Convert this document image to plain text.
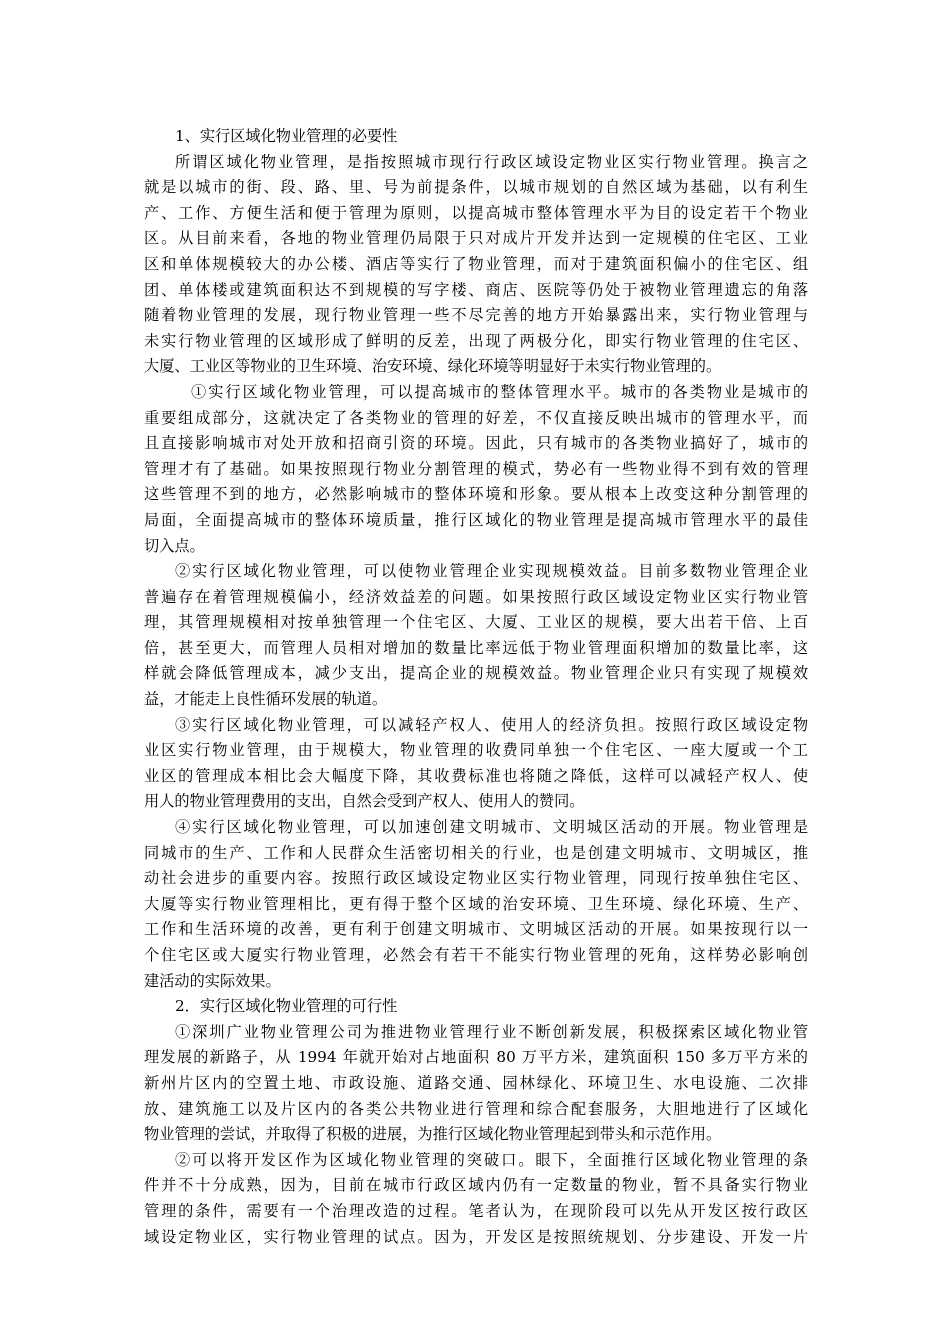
1、实行区域化物业管理的必要性
所谓区域化物业管理，是指按照城市现行行政区域设定物业区实行物业管理。换言之
就是以城市的街、段、路、里、号为前提条件，以城市规划的自然区域为基础，以有利生
产、工作、方便生活和便于管理为原则，以提高城市整体管理水平为目的设定若干个物业
区。从目前来看，各地的物业管理仍局限于只对成片开发并达到一定规模的住宅区、工业
区和单体规模较大的办公楼、酒店等实行了物业管理，而对于建筑面积偏小的住宅区、组
团、单体楼或建筑面积达不到规模的写字楼、商店、医院等仍处于被物业管理遗忘的角落
随着物业管理的发展，现行物业管理一些不尽完善的地方开始暴露出来，实行物业管理与
未实行物业管理的区域形成了鲜明的反差，出现了两极分化，即实行物业管理的住宅区、
大厦、工业区等物业的卫生环境、治安环境、绿化环境等明显好于未实行物业管理的。
①实行区域化物业管理，可以提高城市的整体管理水平。城市的各类物业是城市的
重要组成部分，这就决定了各类物业的管理的好差，不仅直接反映出城市的管理水平，而
且直接影响城市对处开放和招商引资的环境。因此，只有城市的各类物业搞好了，城市的
管理才有了基础。如果按照现行物业分割管理的模式，势必有一些物业得不到有效的管理
这些管理不到的地方，必然影响城市的整体环境和形象。要从根本上改变这种分割管理的
局面，全面提高城市的整体环境质量，推行区域化的物业管理是提高城市管理水平的最佳
切入点。
②实行区域化物业管理，可以使物业管理企业实现规模效益。目前多数物业管理企业
普遍存在着管理规模偏小，经济效益差的问题。如果按照行政区域设定物业区实行物业管
理，其管理规模相对按单独管理一个住宅区、大厦、工业区的规模，要大出若干倍、上百
倍，甚至更大，而管理人员相对增加的数量比率远低于物业管理面积增加的数量比率，这
样就会降低管理成本，减少支出，提高企业的规模效益。物业管理企业只有实现了规模效
益，才能走上良性循环发展的轨道。
③实行区域化物业管理，可以减轻产权人、使用人的经济负担。按照行政区域设定物
业区实行物业管理，由于规模大，物业管理的收费同单独一个住宅区、一座大厦或一个工
业区的管理成本相比会大幅度下降，其收费标准也将随之降低，这样可以减轻产权人、使
用人的物业管理费用的支出，自然会受到产权人、使用人的赞同。
④实行区域化物业管理，可以加速创建文明城市、文明城区活动的开展。物业管理是
同城市的生产、工作和人民群众生活密切相关的行业，也是创建文明城市、文明城区，推
动社会进步的重要内容。按照行政区域设定物业区实行物业管理，同现行按单独住宅区、
大厦等实行物业管理相比，更有得于整个区域的治安环境、卫生环境、绿化环境、生产、
工作和生活环境的改善，更有利于创建文明城市、文明城区活动的开展。如果按现行以一
个住宅区或大厦实行物业管理，必然会有若干不能实行物业管理的死角，这样势必影响创
建活动的实际效果。
2．实行区域化物业管理的可行性
①深圳广业物业管理公司为推进物业管理行业不断创新发展，积极探索区域化物业管
理发展的新路子，从 1994 年就开始对占地面积 80 万平方米，建筑面积 150 多万平方米的
新州片区内的空置土地、市政设施、道路交通、园林绿化、环境卫生、水电设施、二次排
放、建筑施工以及片区内的各类公共物业进行管理和综合配套服务，大胆地进行了区域化
物业管理的尝试，并取得了积极的进展，为推行区域化物业管理起到带头和示范作用。
②可以将开发区作为区域化物业管理的突破口。眼下，全面推行区域化物业管理的条
件并不十分成熟，因为，目前在城市行政区域内仍有一定数量的物业，暂不具备实行物业
管理的条件，需要有一个治理改造的过程。笔者认为，在现阶段可以先从开发区按行政区
域设定物业区，实行物业管理的试点。因为，开发区是按照统规划、分步建设、开发一片
